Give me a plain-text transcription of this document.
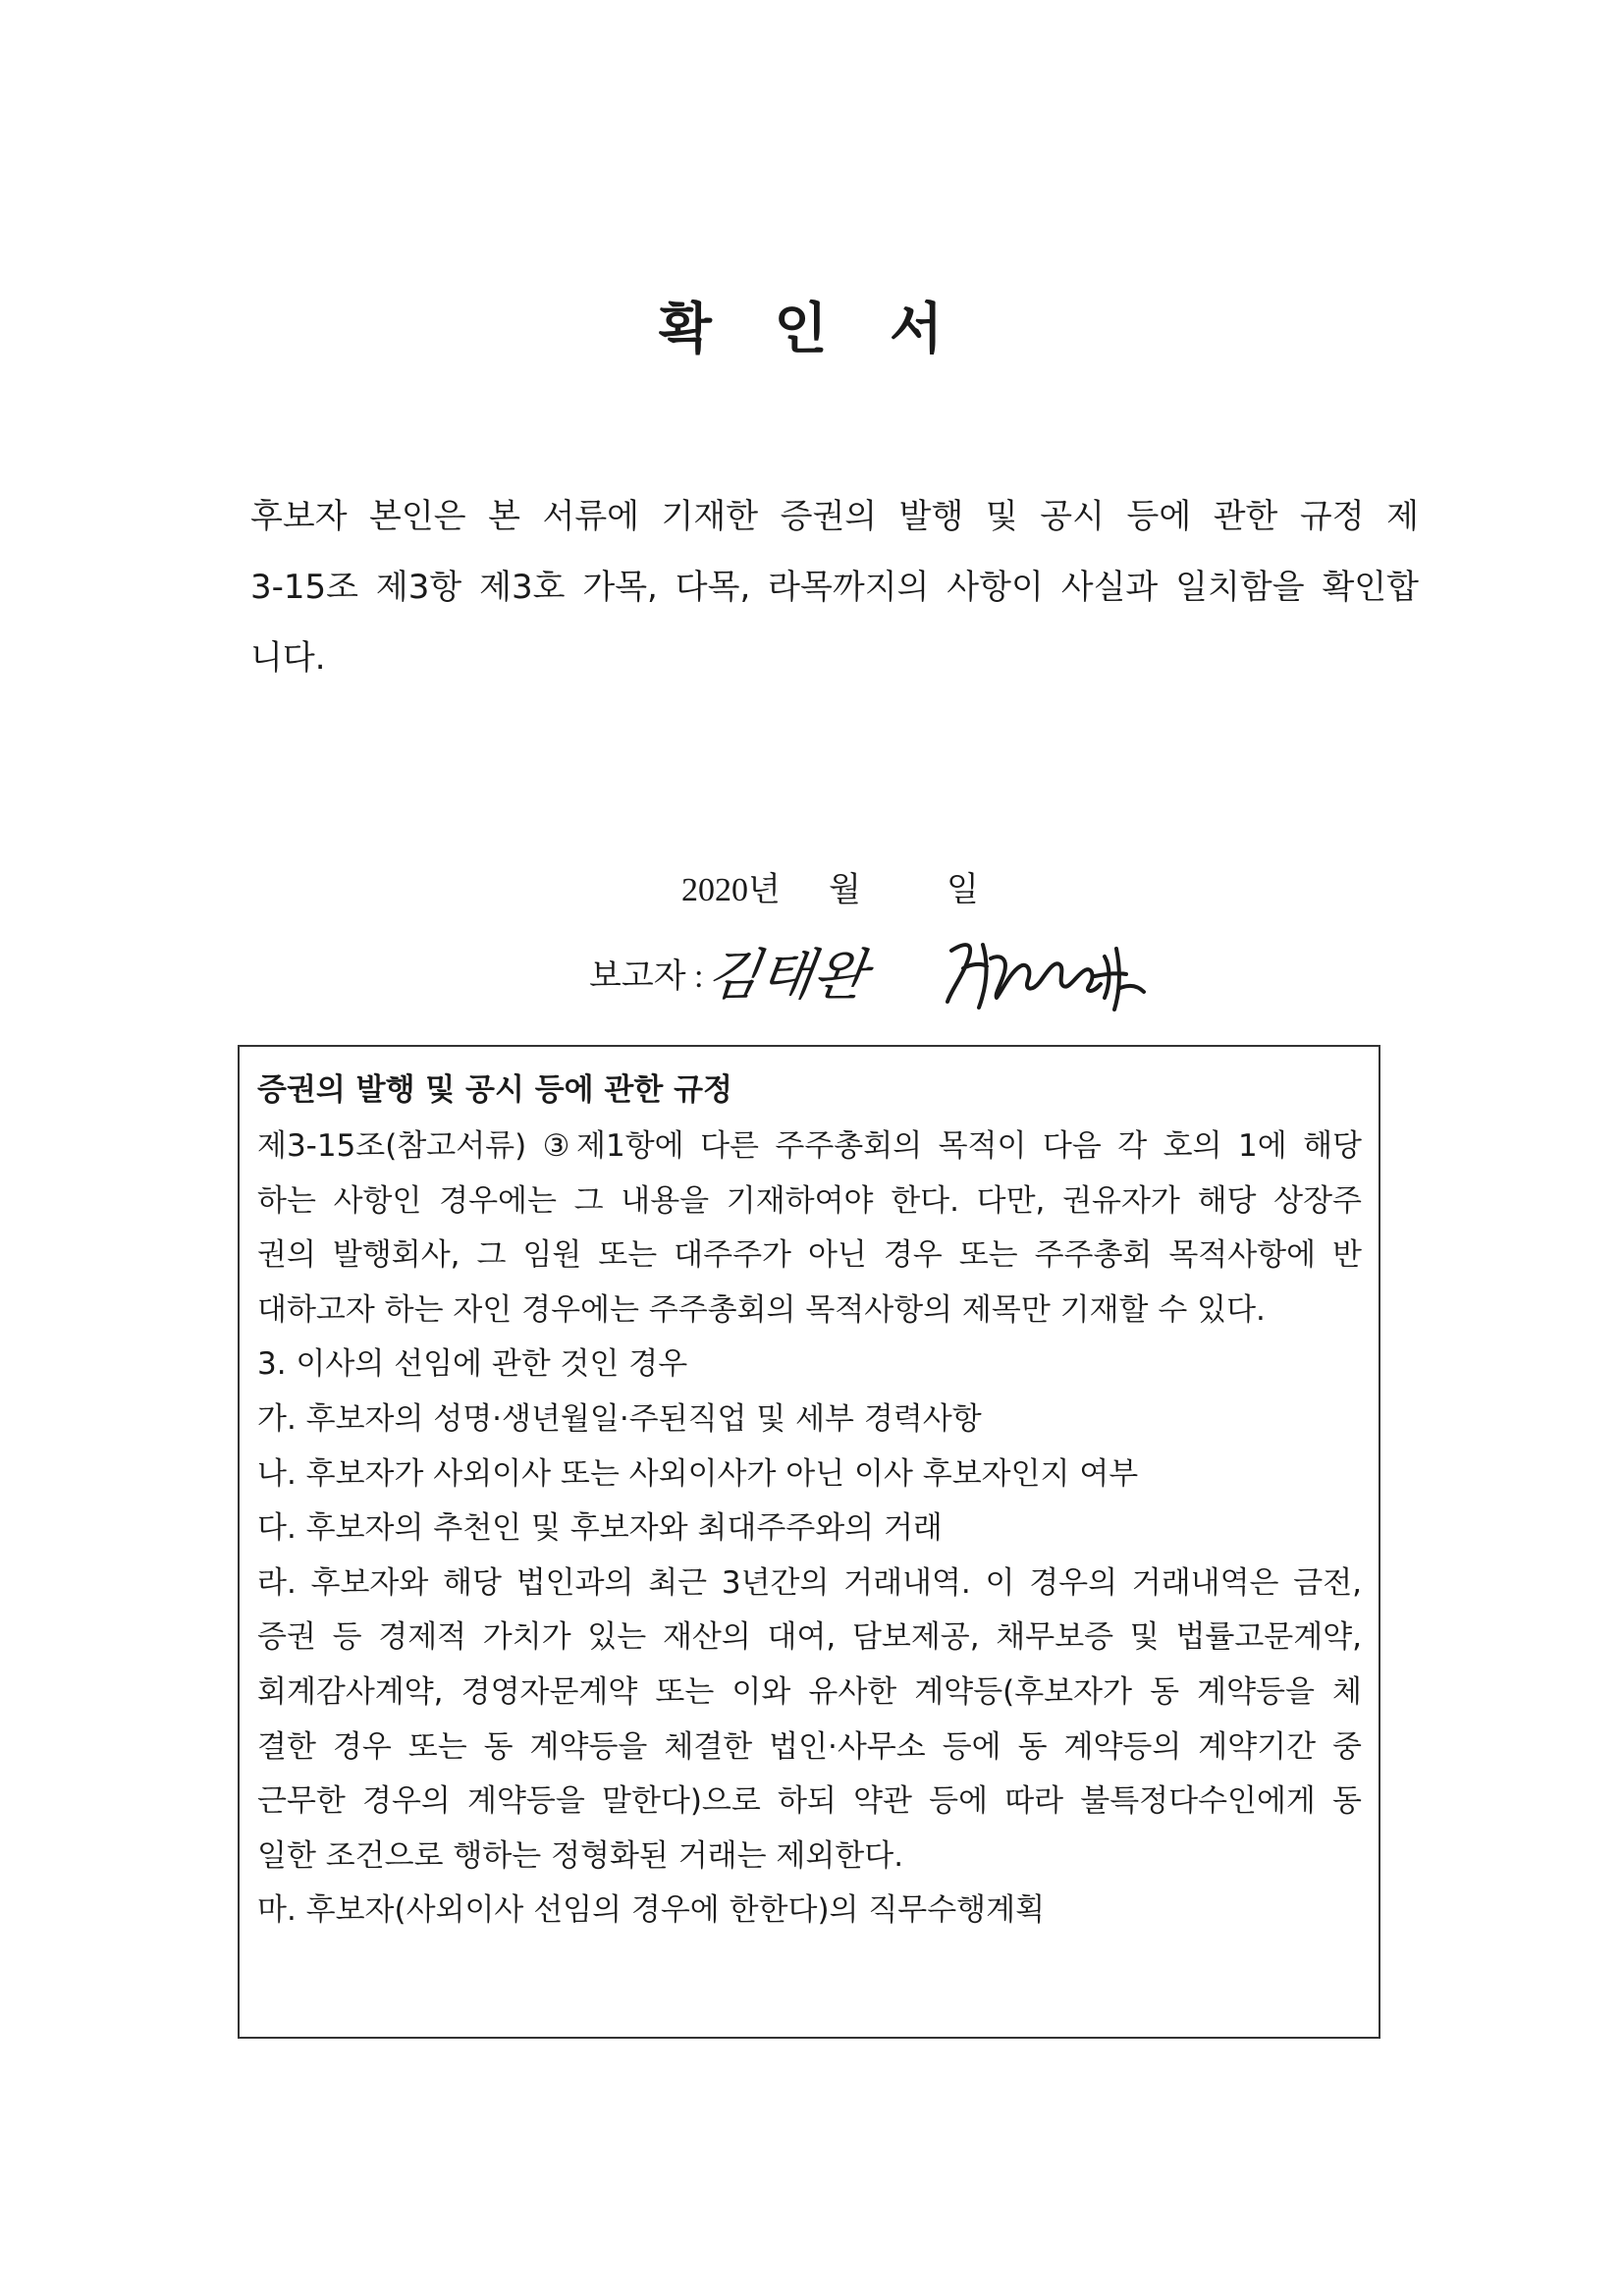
확 인 서
후보자 본인은 본 서류에 기재한 증권의 발행 및 공시 등에 관한 규정 제
3-15조 제3항 제3호 가목, 다목, 라목까지의 사항이 사실과 일치함을 확인합
니다.
2020년 월	일
보고자 : 김태완
증권의 발행 및 공시 등에 관한 규정
제3-15조(참고서류) ③제1항에 다른 주주총회의 목적이 다음 각 호의 1에 해당
하는 사항인 경우에는 그 내용을 기재하여야 한다. 다만, 권유자가 해당 상장주
권의 발행회사, 그 임원 또는 대주주가 아닌 경우 또는 주주총회 목적사항에 반
대하고자 하는 자인 경우에는 주주총회의 목적사항의 제목만 기재할 수 있다.
3. 이사의 선임에 관한 것인 경우
가. 후보자의 성명·생년월일·주된직업 및 세부 경력사항
나. 후보자가 사외이사 또는 사외이사가 아닌 이사 후보자인지 여부
다. 후보자의 추천인 및 후보자와 최대주주와의 거래
라. 후보자와 해당 법인과의 최근 3년간의 거래내역. 이 경우의 거래내역은 금전,
증권 등 경제적 가치가 있는 재산의 대여, 담보제공, 채무보증 및 법률고문계약,
회계감사계약, 경영자문계약 또는 이와 유사한 계약등(후보자가 동 계약등을 체
결한 경우 또는 동 계약등을 체결한 법인·사무소 등에 동 계약등의 계약기간 중
근무한 경우의 계약등을 말한다)으로 하되 약관 등에 따라 불특정다수인에게 동
일한 조건으로 행하는 정형화된 거래는 제외한다.
마. 후보자(사외이사 선임의 경우에 한한다)의 직무수행계획
